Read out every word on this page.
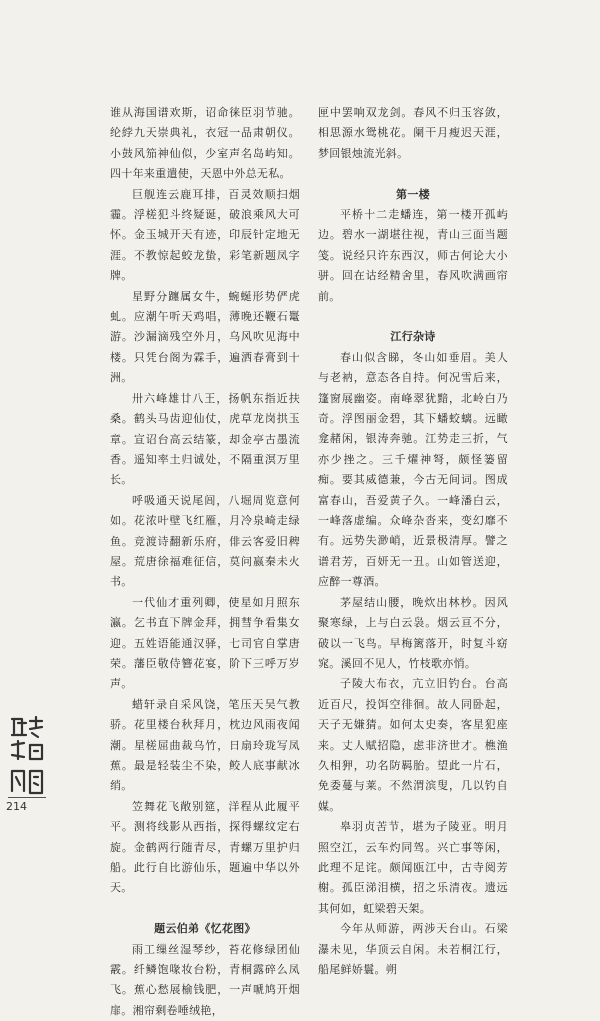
谁从海国谱欢斯，诏命徕臣羽节驰。纶綍九天崇典礼，衣冠一品肃朝仪。小鼓风笳神仙似，少室声名岛屿知。四十年来重遣使，天恩中外总无私。

巨舰连云鹿耳排，百灵效顺扫烟霾。浮槎犯斗终疑诞，破浪乘风大可怀。金玉城开天有迹，印辰针定地无涯。不教惊起蛟龙蛰，彩笔新题凤字牌。

星野分躔属女牛，蜿蜒形势俨虎虬。应潮午听天鸡唱，薄晚还鞭石鼍游。沙漏滴残空外月，乌风吹见海中楼。只凭台阁为霖手，遍洒春膏到十洲。

卅六峰雄廿八王，扬帆东指近扶桑。鹤头马齿迎仙仗，虎草龙岗拱玉章。宣诏台高云结篆，却金亭古墨流香。遥知率土归诚处，不隔重溟万里长。

呼吸通天说尾闾，八堀周览意何如。花浓叶壁飞红雁，月冷泉崎走绿鱼。竞渡诗翻新乐府，俳云客爱旧稗屋。荒唐徐福难征信，莫问嬴秦未火书。

一代仙才重列卿，使星如月照东瀛。乞书直下牌金拜，拥彗争看集女迎。五姓语能通汉驿，七司官自掌唐荣。藩臣敬侍簪花宴，阶下三呼万岁声。

蜡轩录自采风饶，笔压天吴气教骄。花里楼台秋拜月，枕边风雨夜闻潮。星槎屈曲裁乌竹，日扇玲珑写凤蕉。最是轻装尘不染，鲛人底事献冰绡。

笠舞花飞敞别筵，洋程从此履平平。测将线影从西指，探得螺纹定右旋。金鹤两行随青尽，青螺万里护归船。此行自比游仙乐，题遍中华以外天。

题云伯弟《忆花图》

雨工缫丝湿琴纱，苔花修绿团仙霰。纤鳞饱喙妆台粉，青桐露碎么凤飞。蕉心愁展榆钱肥，一声嗁鸠开烟扉。湘帘剩卷唾绒艳，

匣中罢响双龙剑。春风不归玉容敛，相思源水鸳桃花。阑干月瘦迟天涯，梦回银烛流光斜。

第一楼

平桥十二走蟠连，第一楼开孤屿边。碧水一湖堪往视，青山三面当题笺。说经只许东西汉，师古何论大小骈。回在诂经精舍里，春风吹满画帘前。

江行杂诗

春山似含睇，冬山如垂眉。美人与老衲，意态各自持。何况雪后来，篷窗展幽姿。南峰翠犹黯，北岭白乃奇。浮图丽金碧，其下蟠蛟螭。远瞰龛赭闲，银涛奔驰。江势走三折，气亦少挫之。三千燿神弩，颇怪篓留痴。要其威德兼，今古无间词。图成富春山，吾爱黄子久。一峰潘白云，一峰落虚编。众峰杂沓来，变幻靡不有。远势失渺峭，近景极清厚。譬之谱君芳，百妍无一丑。山如管送迎，应醉一尊酒。

茅屋结山腰，晚炊出林杪。因风聚寒绿，上与白云袅。烟云亘不分，破以一飞鸟。早梅篱落开，时复斗窈窕。溪回不见人，竹枝歌亦悄。

子陵大布衣，亢立旧钓台。台高近百尺，投饵空徘徊。故人同卧起，天子无嫌猜。如何太史奏，客星犯座来。丈人赋招隐，虑非济世才。樵渔久相狎，功名防羁胎。望此一片石，免委蔓与莱。不然渭滨叟，几以钓自媒。

皋羽贞苦节，堪为子陵亚。明月照空江，云车灼同驾。兴亡事等闲，此理不足诧。颇闻瓯江中，古寺阅芳榭。孤臣涕泪横，招之乐清夜。遗远其何如，虹梁碧天架。

今年从师游，两涉天台山。石梁瀑未见，华顶云自闲。未若桐江行，船尾鲜娇鬟。朔

214
